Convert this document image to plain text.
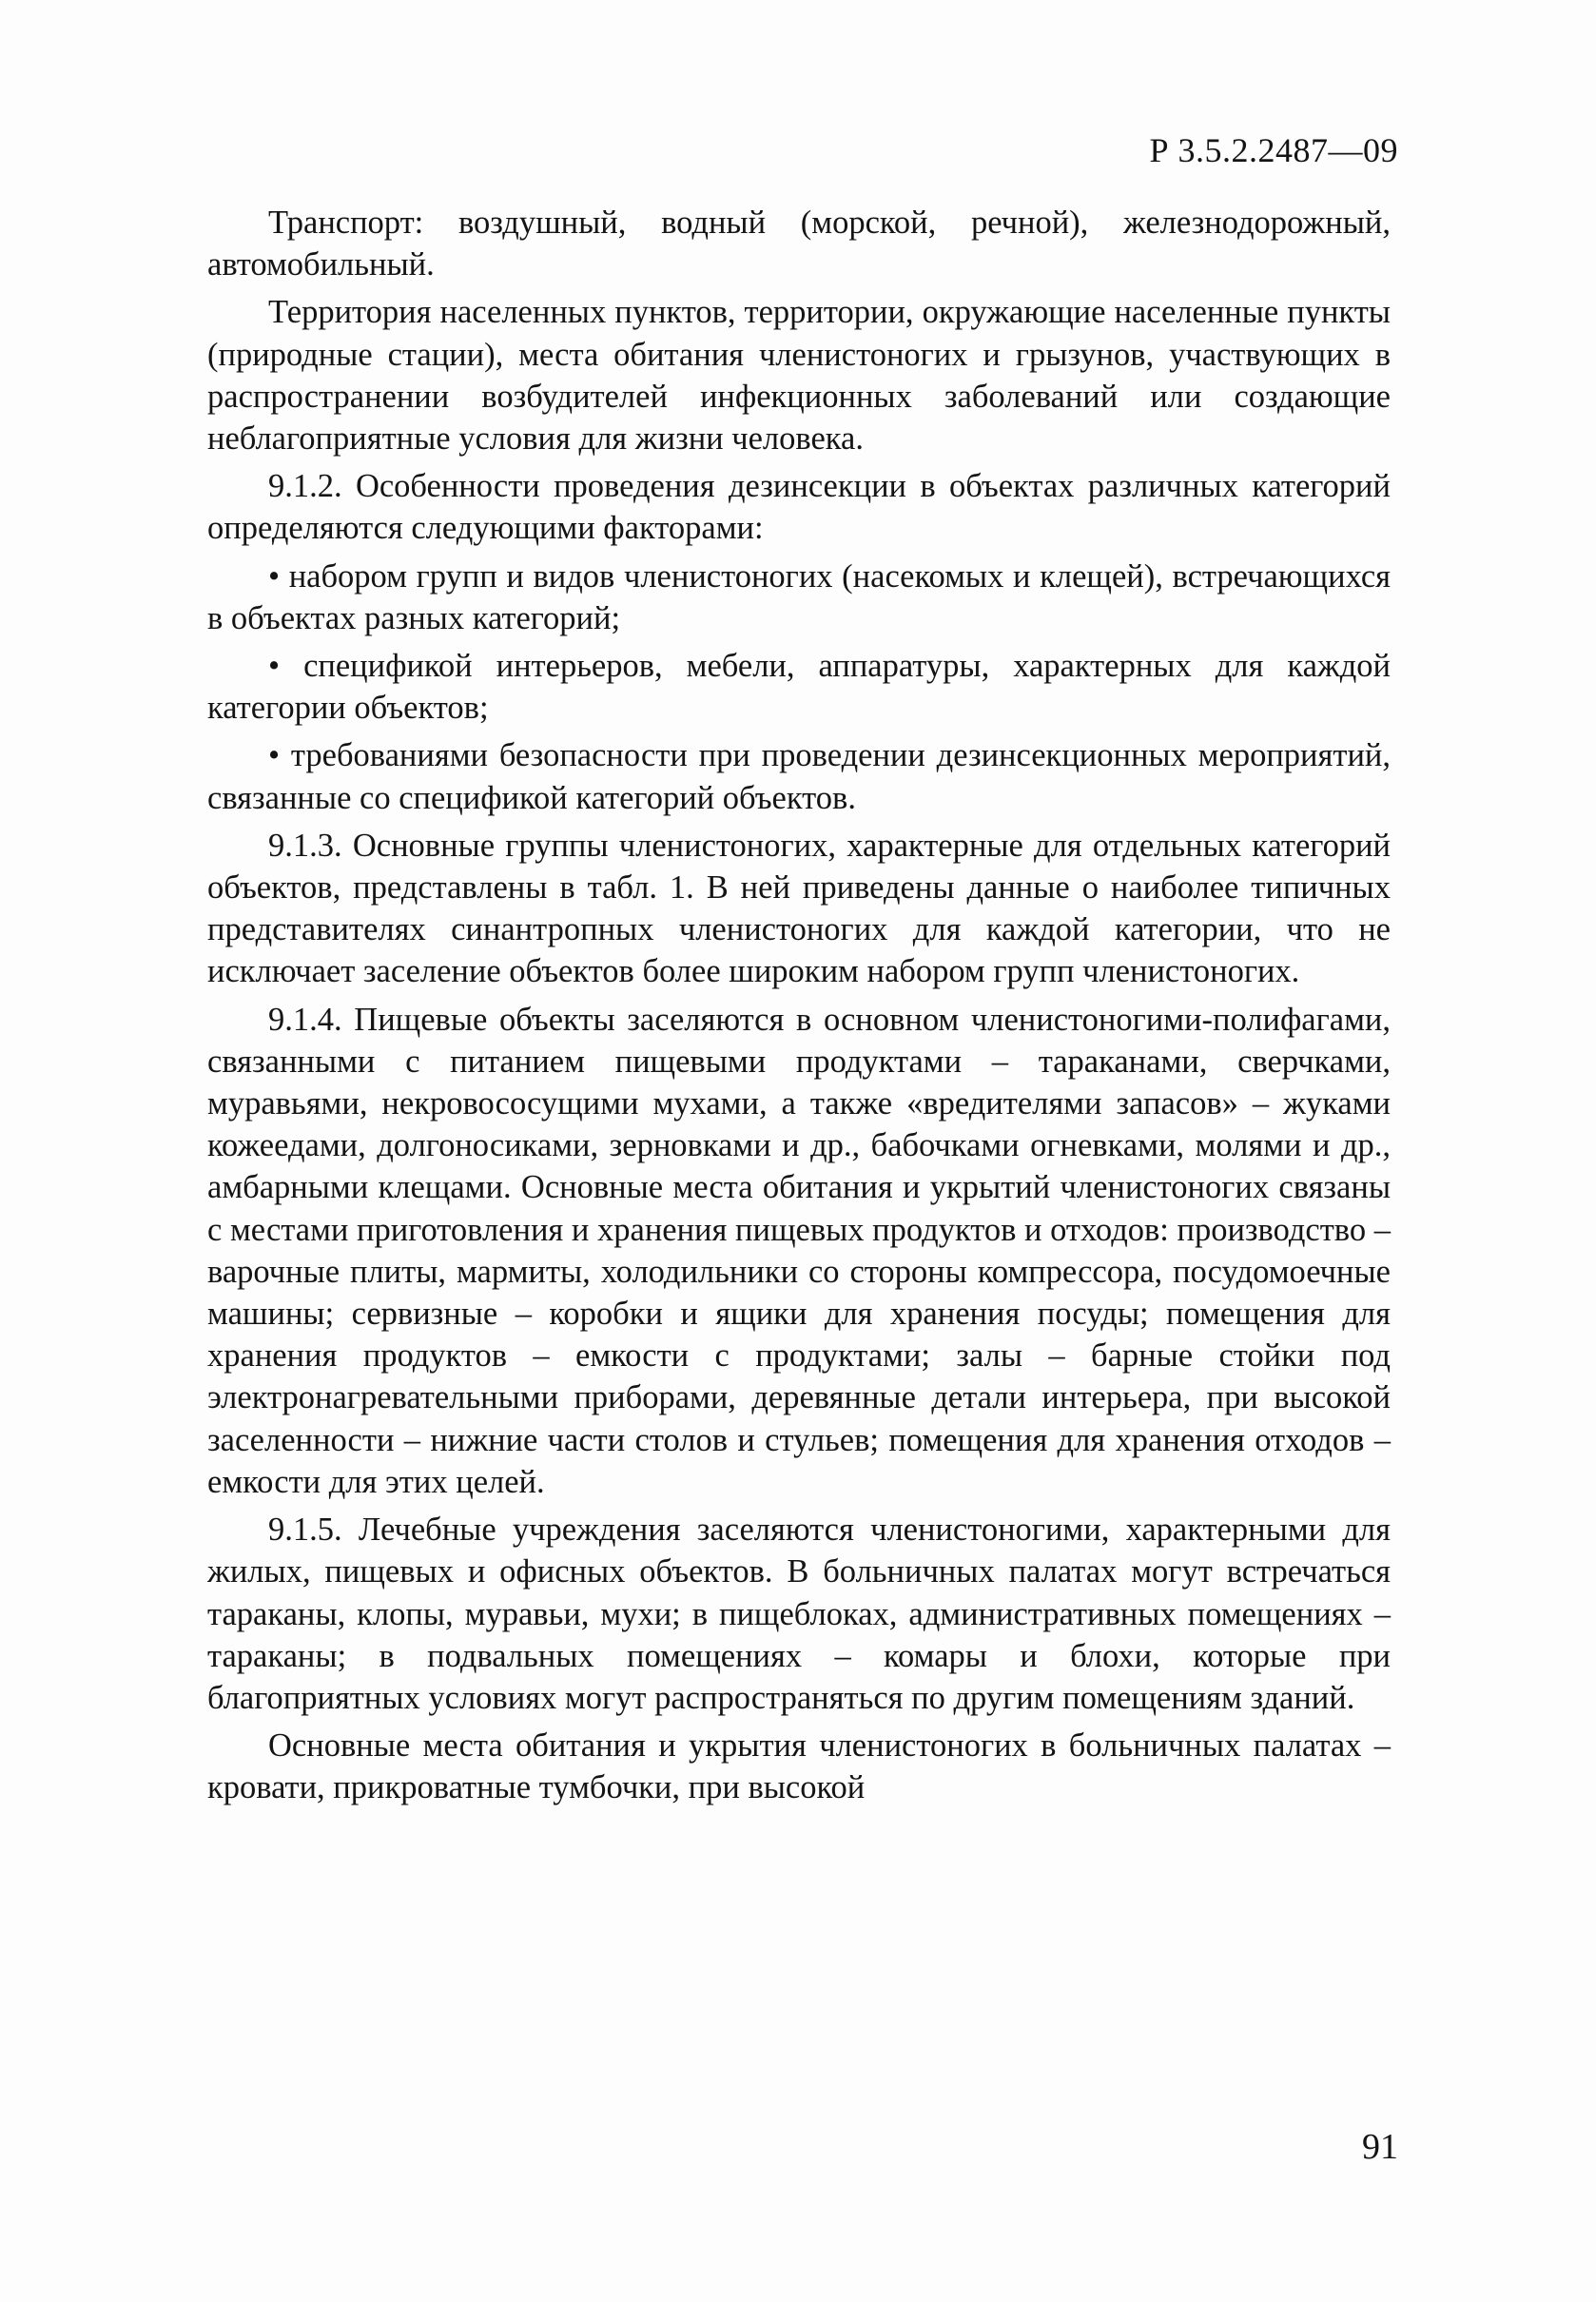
Р 3.5.2.2487—09

Транспорт: воздушный, водный (морской, речной), железнодорожный, автомобильный.

Территория населенных пунктов, территории, окружающие населенные пункты (природные стации), места обитания членистоногих и грызунов, участвующих в распространении возбудителей инфекционных заболеваний или создающие неблагоприятные условия для жизни человека.

9.1.2. Особенности проведения дезинсекции в объектах различных категорий определяются следующими факторами:

• набором групп и видов членистоногих (насекомых и клещей), встречающихся в объектах разных категорий;

• спецификой интерьеров, мебели, аппаратуры, характерных для каждой категории объектов;

• требованиями безопасности при проведении дезинсекционных мероприятий, связанные со спецификой категорий объектов.

9.1.3. Основные группы членистоногих, характерные для отдельных категорий объектов, представлены в табл. 1. В ней приведены данные о наиболее типичных представителях синантропных членистоногих для каждой категории, что не исключает заселение объектов более широким набором групп членистоногих.

9.1.4. Пищевые объекты заселяются в основном членистоногими-полифагами, связанными с питанием пищевыми продуктами – тараканами, сверчками, муравьями, некровососущими мухами, а также «вредителями запасов» – жуками кожеедами, долгоносиками, зерновками и др., бабочками огневками, молями и др., амбарными клещами. Основные места обитания и укрытий членистоногих связаны с местами приготовления и хранения пищевых продуктов и отходов: производство – варочные плиты, мармиты, холодильники со стороны компрессора, посудомоечные машины; сервизные – коробки и ящики для хранения посуды; помещения для хранения продуктов – емкости с продуктами; залы – барные стойки под электронагревательными приборами, деревянные детали интерьера, при высокой заселенности – нижние части столов и стульев; помещения для хранения отходов – емкости для этих целей.

9.1.5. Лечебные учреждения заселяются членистоногими, характерными для жилых, пищевых и офисных объектов. В больничных палатах могут встречаться тараканы, клопы, муравьи, мухи; в пищеблоках, административных помещениях – тараканы; в подвальных помещениях – комары и блохи, которые при благоприятных условиях могут распространяться по другим помещениям зданий.

Основные места обитания и укрытия членистоногих в больничных палатах – кровати, прикроватные тумбочки, при высокой

91
